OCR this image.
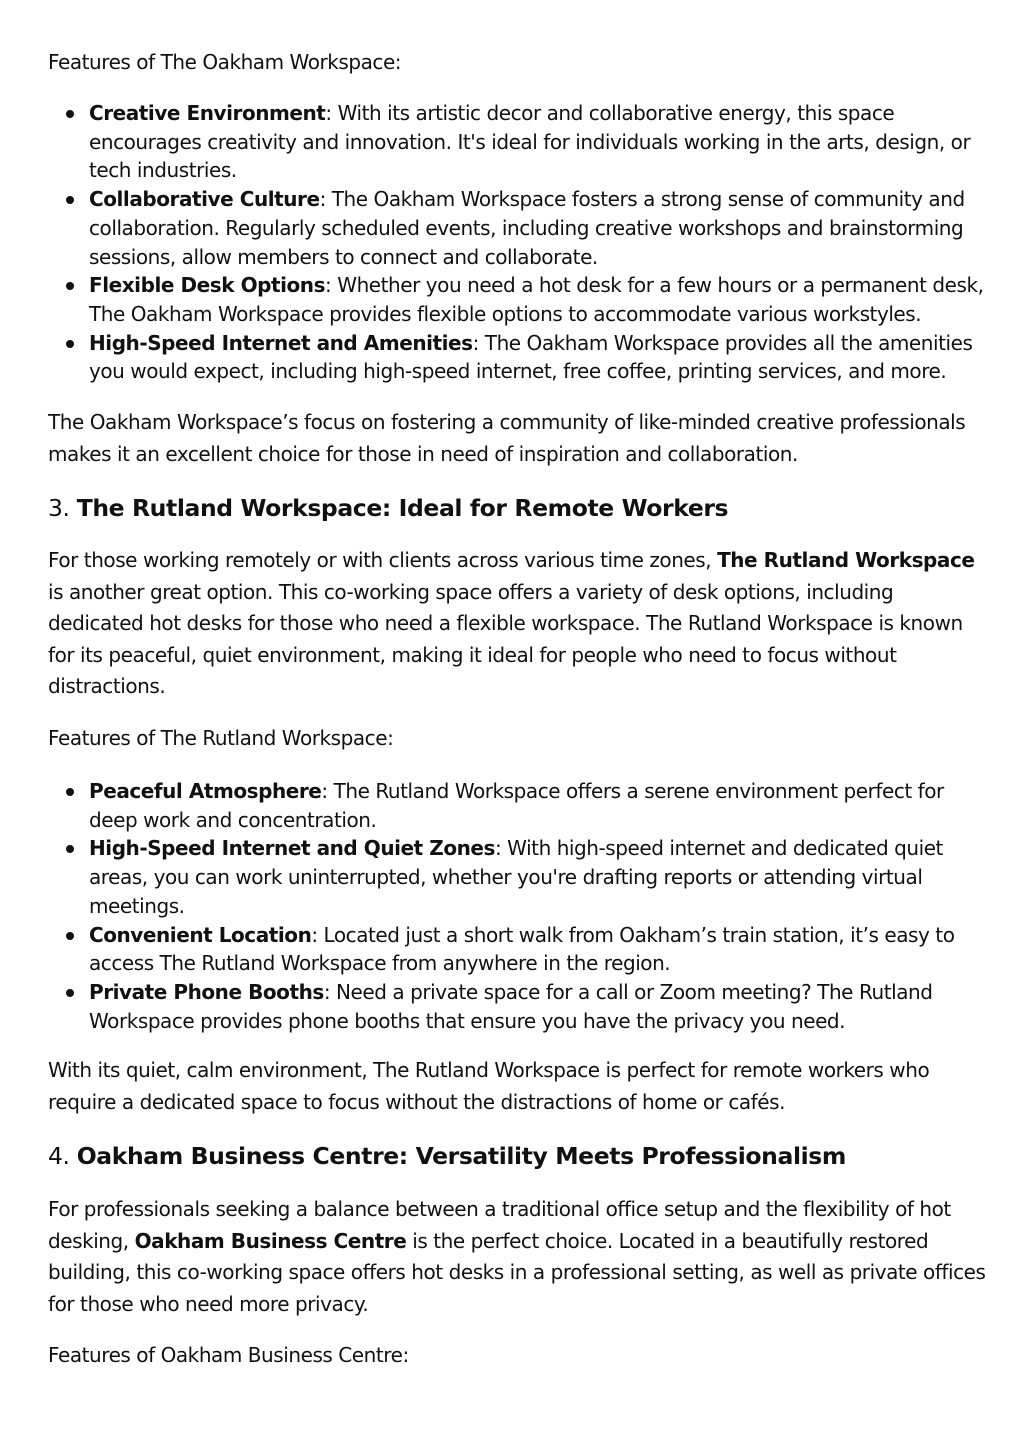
Features of The Oakham Workspace:

Creative Environment: With its artistic decor and collaborative energy, this space encourages creativity and innovation. It's ideal for individuals working in the arts, design, or tech industries.
Collaborative Culture: The Oakham Workspace fosters a strong sense of community and collaboration. Regularly scheduled events, including creative workshops and brainstorming sessions, allow members to connect and collaborate.
Flexible Desk Options: Whether you need a hot desk for a few hours or a permanent desk, The Oakham Workspace provides flexible options to accommodate various workstyles.
High-Speed Internet and Amenities: The Oakham Workspace provides all the amenities you would expect, including high-speed internet, free coffee, printing services, and more.

The Oakham Workspace’s focus on fostering a community of like-minded creative professionals makes it an excellent choice for those in need of inspiration and collaboration.

3. The Rutland Workspace: Ideal for Remote Workers

For those working remotely or with clients across various time zones, The Rutland Workspace is another great option. This co-working space offers a variety of desk options, including dedicated hot desks for those who need a flexible workspace. The Rutland Workspace is known for its peaceful, quiet environment, making it ideal for people who need to focus without distractions.

Features of The Rutland Workspace:

Peaceful Atmosphere: The Rutland Workspace offers a serene environment perfect for deep work and concentration.
High-Speed Internet and Quiet Zones: With high-speed internet and dedicated quiet areas, you can work uninterrupted, whether you're drafting reports or attending virtual meetings.
Convenient Location: Located just a short walk from Oakham’s train station, it’s easy to access The Rutland Workspace from anywhere in the region.
Private Phone Booths: Need a private space for a call or Zoom meeting? The Rutland Workspace provides phone booths that ensure you have the privacy you need.

With its quiet, calm environment, The Rutland Workspace is perfect for remote workers who require a dedicated space to focus without the distractions of home or cafés.

4. Oakham Business Centre: Versatility Meets Professionalism

For professionals seeking a balance between a traditional office setup and the flexibility of hot desking, Oakham Business Centre is the perfect choice. Located in a beautifully restored building, this co-working space offers hot desks in a professional setting, as well as private offices for those who need more privacy.

Features of Oakham Business Centre:
